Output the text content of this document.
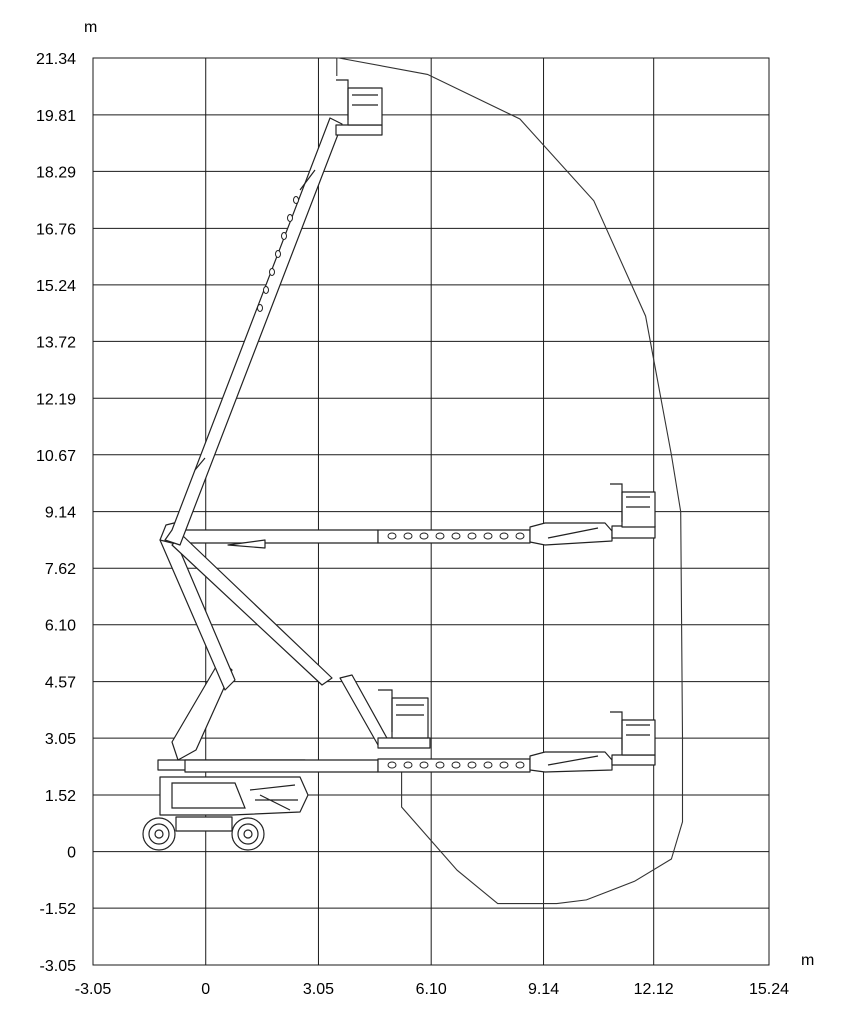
-3.05	0	3.05	6.10	9.14	12.12	15.24
21.34
19.81
18.29
16.76
15.24
13.72
12.19
10.67
9.14
7.62
6.10
4.57
3.05
1.52
0
-1.52
-3.05
m
m
